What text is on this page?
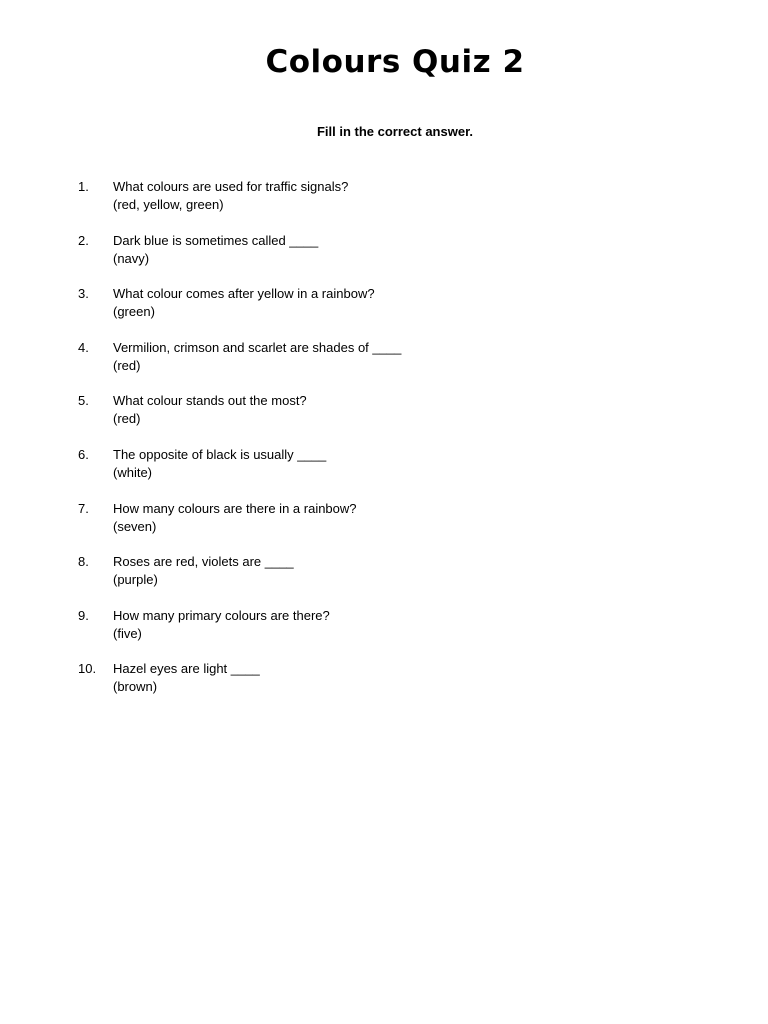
Colours Quiz 2

Fill in the correct answer.

1.	What colours are used for traffic signals?
(red, yellow, green)
2.	Dark blue is sometimes called ____
(navy)
3.	What colour comes after yellow in a rainbow?
(green)
4.	Vermilion, crimson and scarlet are shades of ____
(red)
5.	What colour stands out the most?
(red)
6.	The opposite of black is usually ____
(white)
7.	How many colours are there in a rainbow?
(seven)
8.	Roses are red, violets are ____
(purple)
9.	How many primary colours are there?
(five)
10.	Hazel eyes are light ____
(brown)
